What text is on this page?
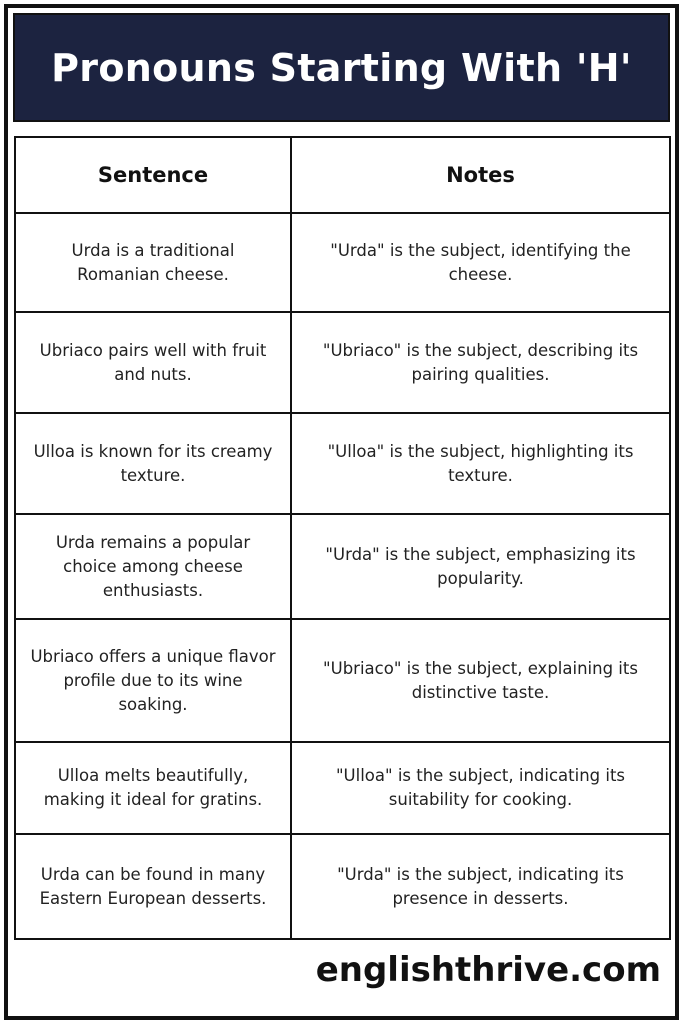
Pronouns Starting With 'H'
Sentence	Notes
Urda is a traditional Romanian cheese.	"Urda" is the subject, identifying the cheese.
Ubriaco pairs well with fruit and nuts.	"Ubriaco" is the subject, describing its pairing qualities.
Ulloa is known for its creamy texture.	"Ulloa" is the subject, highlighting its texture.
Urda remains a popular choice among cheese enthusiasts.	"Urda" is the subject, emphasizing its popularity.
Ubriaco offers a unique flavor profile due to its wine soaking.	"Ubriaco" is the subject, explaining its distinctive taste.
Ulloa melts beautifully, making it ideal for gratins.	"Ulloa" is the subject, indicating its suitability for cooking.
Urda can be found in many Eastern European desserts.	"Urda" is the subject, indicating its presence in desserts.
englishthrive.com
